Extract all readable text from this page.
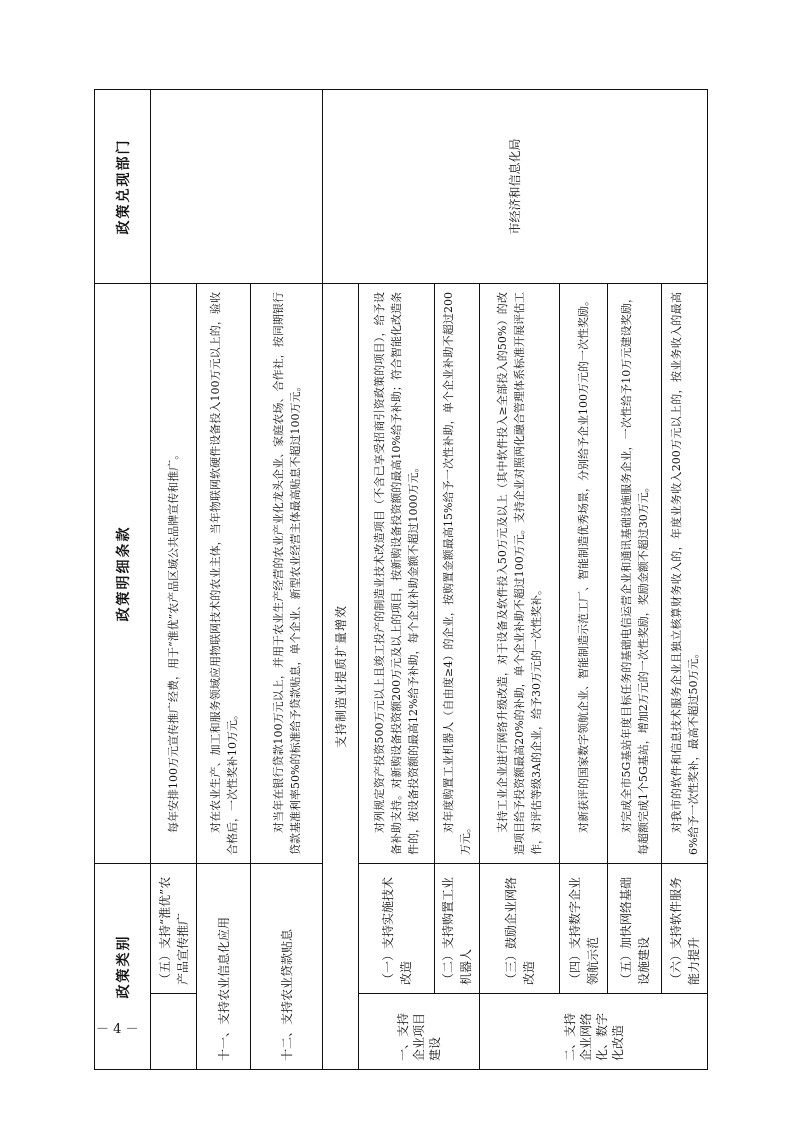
政策类别		政策明细条款	政策兑现部门
	（五）支持“淮优”农产品宣传推广	每年安排100万元宣传推广经费，用于“淮优”农产品区域公共品牌宣传和推广。	

十一、支持农业信息化应用		对在农业生产、加工和服务领域应用物联网技术的农业主体，当年物联网软硬件设备投入100万元以上的，验收合格后，一次性奖补10万元。	

十二、支持农业贷款贴息		对当年在银行贷款100万元以上，并用于农业生产经营的农业产业化龙头企业、家庭农场、合作社，按同期银行贷款基准利率50%的标准给予贷款贴息，单个企业、新型农业经营主体最高贴息不超过100万元。	

支持制造业提质扩量增效			市经济和信息化局
一、支持企业项目建设	（一）支持实施技术改造	对列规定资产投资500万元以上且竣工投产的制造业技术改造项目（不含已享受招商引资政策的项目），给予设备补助支持。对新购设备投资额200万元及以上的项目，按新购设备投资额的最高10%给予补助；符合智能化改造条件的，按设备投资额的最高12%给予补助，每个企业补助金额不超过1000万元。	

	（二）支持购置工业机器人	对年度购置工业机器人（自由度≥4）的企业，按购置金额最高15%给予一次性补助，单个企业补助不超过200万元。	

二、支持企业网络化、数字化改造	（三）鼓励企业网络改造	支持工业企业进行网络升级改造，对于设备及软件投入50万元及以上（其中软件投入≥全部投入的50%）的改造项目给予投资额最高20%的补助，单个企业补助不超过100万元。支持企业对照两化融合管理体系标准开展评估工作，对评估等级3A的企业，给予30万元的一次性奖补。	

	（四）支持数字企业领航示范	对新获评的国家数字领航企业、智能制造示范工厂、智能制造优秀场景，分别给予企业100万元的一次性奖励。	

	（五）加快网络基础设施建设	对完成全市5G基站年度目标任务的基础电信运营企业和通讯基础设施服务企业，一次性给予10万元建设奖励，每超额完成1个5G基站，增加2万元的一次性奖励，奖励金额不超过30万元。	

	（六）支持软件服务能力提升	对我市的软件和信息技术服务企业且独立核算财务收入的，年度业务收入200万元以上的，按业务收入的最高6%给予一次性奖补，最高不超过50万元。	

－ 4 －
